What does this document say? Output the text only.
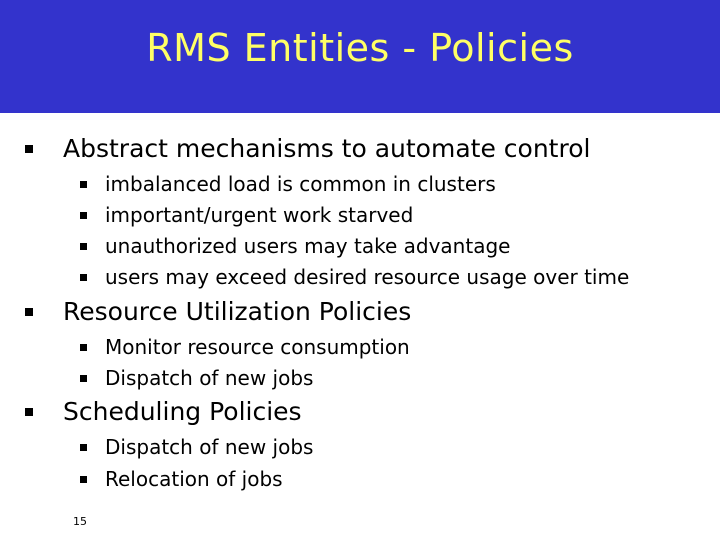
RMS Entities - Policies
Abstract mechanisms to automate control
imbalanced load is common in clusters
important/urgent work starved
unauthorized users may take advantage
users may exceed desired resource usage over time
Resource Utilization Policies
Monitor resource consumption
Dispatch of new jobs
Scheduling Policies
Dispatch of new jobs
Relocation of jobs
15
